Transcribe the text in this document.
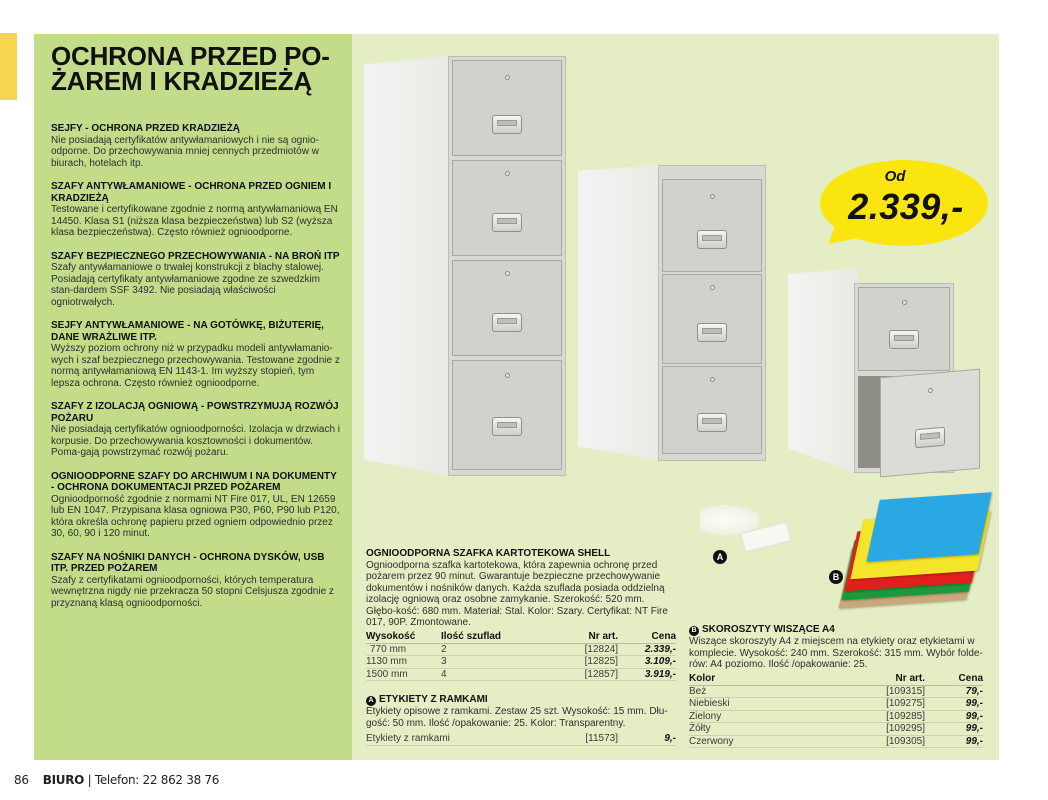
OCHRONA PRZED PO-
ŻAREM I KRADZIEŻĄ
SEJFY - OCHRONA PRZED KRADZIEŻĄ

Nie posiadają certyfikatów antywłamaniowych i nie są ognio-odporne. Do przechowywania mniej cennych przedmiotów w biurach, hotelach itp.

SZAFY ANTYWŁAMANIOWE - OCHRONA PRZED OGNIEM I KRADZIEŻĄ

Testowane i certyfikowane zgodnie z normą antywłamaniową EN 14450. Klasa S1 (niższa klasa bezpieczeństwa) lub S2 (wyższa klasa bezpieczeństwa). Często również ognioodporne.

SZAFY BEZPIECZNEGO PRZECHOWYWANIA - NA BROŃ ITP

Szafy antywłamaniowe o trwałej konstrukcji z blachy stalowej. Posiadają certyfikaty antywłamaniowe zgodne ze szwedzkim stan-dardem SSF 3492. Nie posiadają właściwości ogniotrwałych.

SEJFY ANTYWŁAMANIOWE - NA GOTÓWKĘ, BIŻUTERIĘ, DANE WRAŻLIWE ITP.

Wyższy poziom ochrony niż w przypadku modeli antywłamanio-wych i szaf bezpiecznego przechowywania. Testowane zgodnie z normą antywłamaniową EN 1143-1. Im wyższy stopień, tym lepsza ochrona. Często również ognioodporne.

SZAFY Z IZOLACJĄ OGNIOWĄ - POWSTRZYMUJĄ ROZWÓJ POŻARU

Nie posiadają certyfikatów ognioodporności. Izolacja w drzwiach i korpusie. Do przechowywania kosztowności i dokumentów. Poma-gają powstrzymać rozwój pożaru.

OGNIOODPORNE SZAFY DO ARCHIWUM I NA DOKUMENTY - OCHRONA DOKUMENTACJI PRZED POŻAREM

Ognioodporność zgodnie z normami NT Fire 017, UL, EN 12659 lub EN 1047. Przypisana klasa ogniowa P30, P60, P90 lub P120, która określa ochronę papieru przed ogniem odpowiednio przez 30, 60, 90 i 120 minut.

SZAFY NA NOŚNIKI DANYCH - OCHRONA DYSKÓW, USB ITP. PRZED POŻAREM

Szafy z certyfikatami ognioodporności, których temperatura wewnętrzna nigdy nie przekracza 50 stopni Celsjusza zgodnie z przyznaną klasą ognioodporności.

Od
2.339,-
A
B
OGNIOODPORNA SZAFKA KARTOTEKOWA SHELL

Ognioodporna szafka kartotekowa, która zapewnia ochronę przed pożarem przez 90 minut. Gwarantuje bezpieczne przechowywanie dokumentów i nośników danych. Każda szuflada posiada oddzielną izolację ogniową oraz osobne zamykanie. Szerokość: 520 mm. Głębo-kość: 680 mm. Materiał: Stal. Kolor: Szary. Certyfikat: NT Fire 017, 90P. Zmontowane.

Wysokość	Ilość szuflad	Nr art.	Cena
770 mm	2	[12824]	2.339,-
1130 mm	3	[12825]	3.109,-
1500 mm	4	[12857]	3.919,-
A ETYKIETY Z RAMKAMI

Etykiety opisowe z ramkami. Zestaw 25 szt. Wysokość: 15 mm. Dłu-gość: 50 mm. Ilość /opakowanie: 25. Kolor: Transparentny.

Etykiety z ramkami	[11573]	9,-
B SKOROSZYTY WISZĄCE A4

Wiszące skoroszyty A4 z miejscem na etykiety oraz etykietami w komplecie. Wysokość: 240 mm. Szerokość: 315 mm. Wybór folde-rów: A4 poziomo. Ilość /opakowanie: 25.

Kolor	Nr art.	Cena
Beż	[109315]	79,-
Niebieski	[109275]	99,-
Zielony	[109285]	99,-
Żółty	[109295]	99,-
Czerwony	[109305]	99,-
86 BIURO | Telefon: 22 862 38 76
